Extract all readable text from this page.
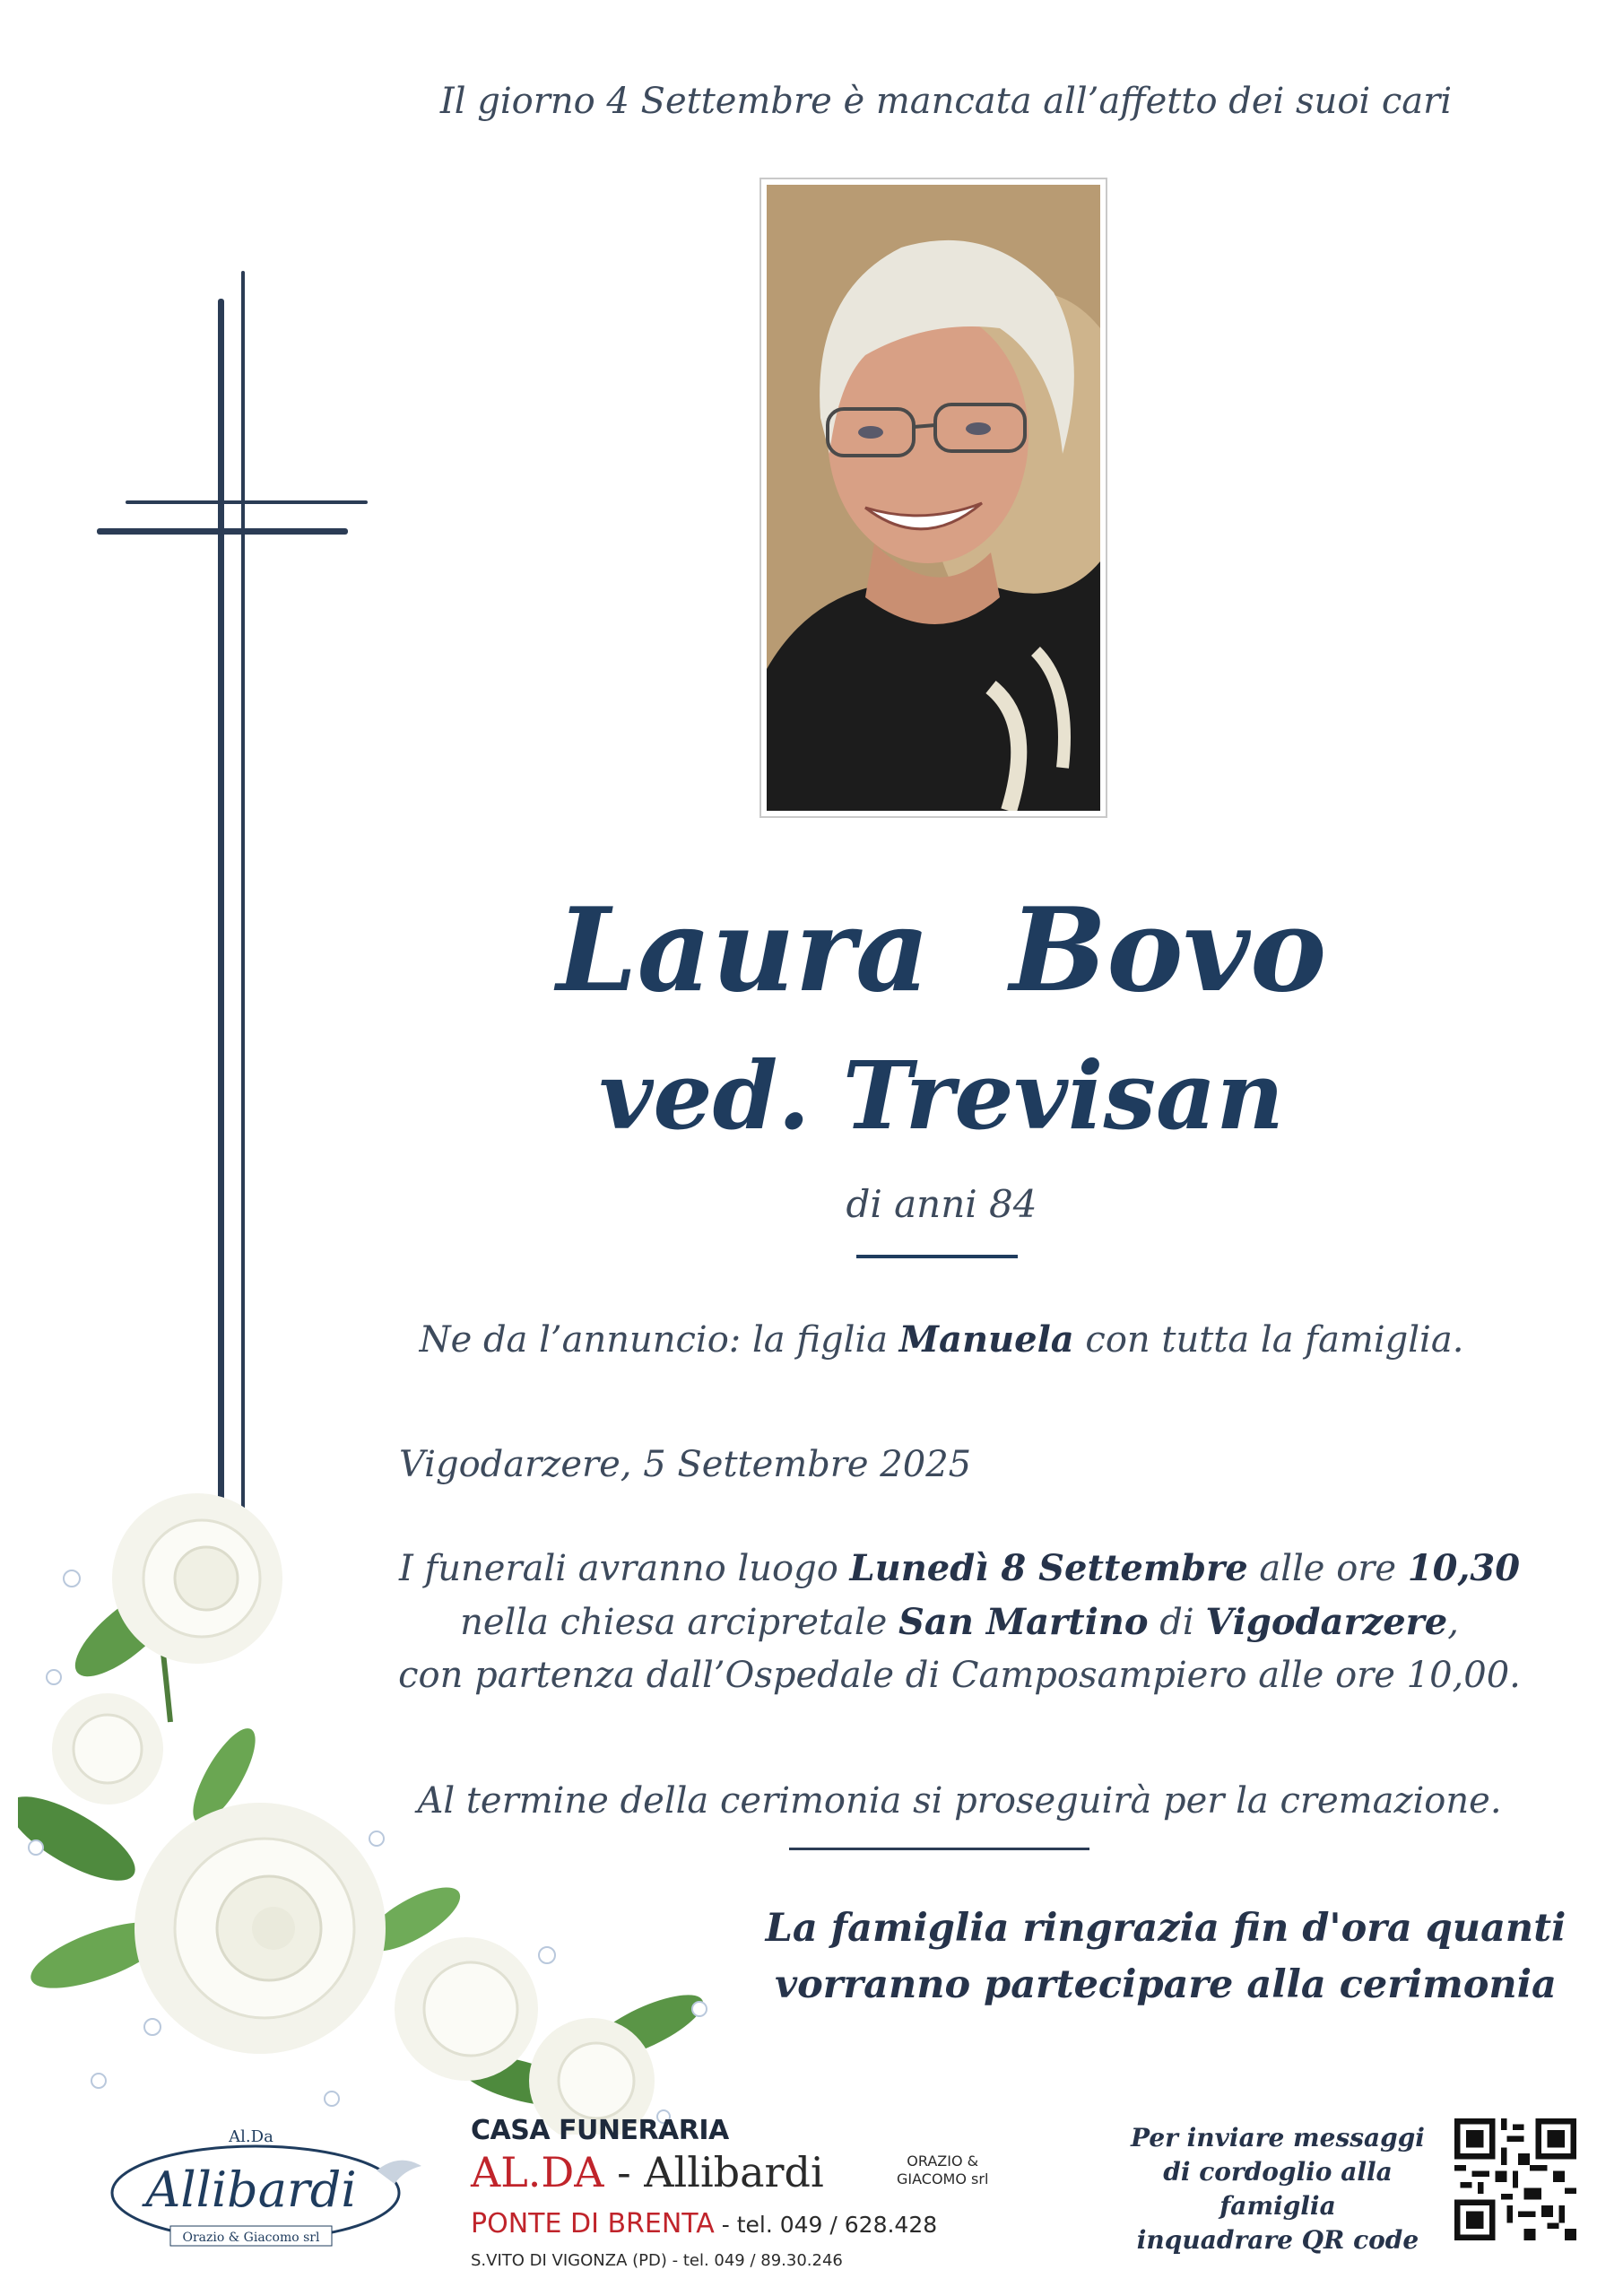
Il giorno 4 Settembre è mancata all’affetto dei suoi cari
Laura  Bovo
ved. Trevisan
di anni 84
Ne da l’annuncio: la figlia Manuela con tutta la famiglia.
Vigodarzere, 5 Settembre 2025
I funerali avranno luogo Lunedì 8 Settembre alle ore 10,30
nella chiesa arcipretale San Martino di Vigodarzere,
con partenza dall’Ospedale di Camposampiero alle ore 10,00.
Al termine della cerimonia si proseguirà per la cremazione.
La famiglia ringrazia fin d'ora quanti
vorranno partecipare alla cerimonia
Al.Da
Allibardi
Orazio & Giacomo srl
CASA FUNERARIA
AL.DA - Allibardi	ORAZIO &
GIACOMO srl
PONTE DI BRENTA - tel. 049 / 628.428
S.VITO DI VIGONZA (PD) - tel. 049 / 89.30.246
Per inviare messaggi
di cordoglio alla famiglia
inquadrare QR code
